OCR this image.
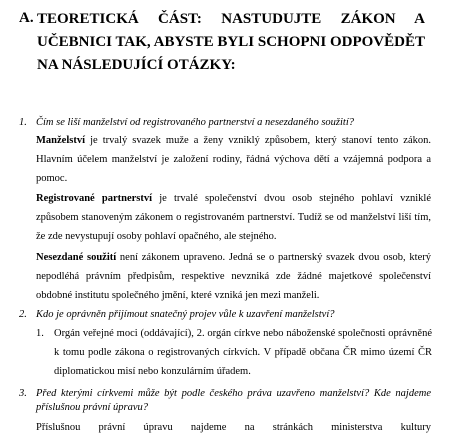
A. TEORETICKÁ ČÁST: NASTUDUJTE ZÁKON A
UČEBNICI TAK, ABYSTE BYLI SCHOPNI ODPOVĚDĚT
NA NÁSLEDUJÍCÍ OTÁZKY:
1. Čím se liší manželství od registrovaného partnerství a nesezdaného soužití?
Manželství je trvalý svazek muže a ženy vzniklý způsobem, který stanoví tento zákon. Hlavním účelem manželství je založení rodiny, řádná výchova dětí a vzájemná podpora a pomoc.
Registrované partnerství je trvalé společenství dvou osob stejného pohlaví vzniklé způsobem stanoveným zákonem o registrovaném partnerství. Tudíž se od manželství liší tím, že zde nevystupují osoby pohlaví opačného, ale stejného.
Nesezdané soužití není zákonem upraveno. Jedná se o partnerský svazek dvou osob, který nepodléhá právním předpisům, respektive nevzniká zde žádné majetkové společenství obdobné institutu společného jmění, které vzniká jen mezi manželi.
2. Kdo je oprávněn přijímout snatečný projev vůle k uzavření manželství?
1. Orgán veřejné moci (oddávající), 2. orgán církve nebo náboženské společnosti oprávněné k tomu podle zákona o registrovaných církvích. V případě občana ČR mimo území ČR diplomatickou misí nebo konzulárním úřadem.
3. Před kterými církvemi může být podle českého práva uzavřeno manželství? Kde najdeme příslušnou právní úpravu?
Příslušnou právní úpravu najdeme na stránkách ministerstva kultury
